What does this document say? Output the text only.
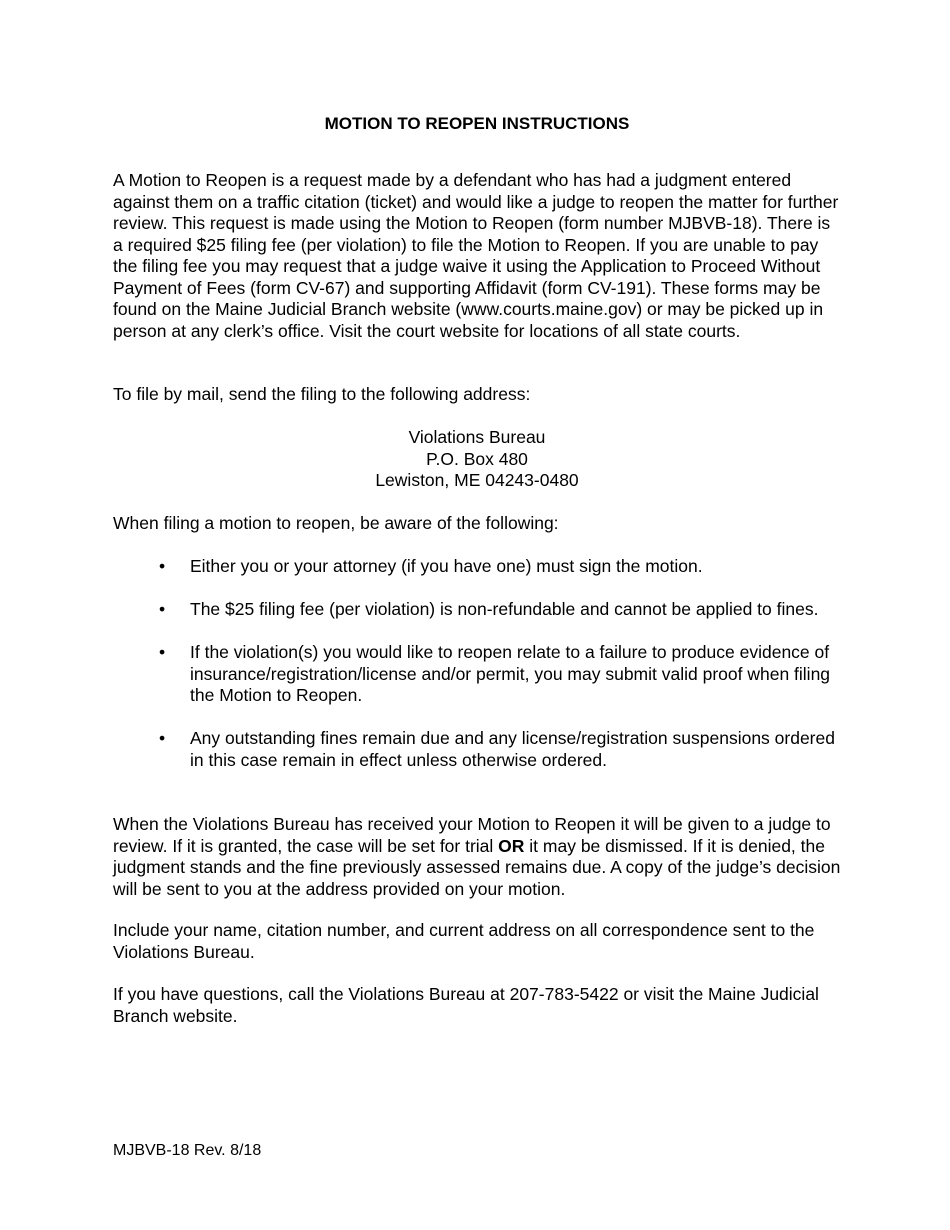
MOTION TO REOPEN INSTRUCTIONS

A Motion to Reopen is a request made by a defendant who has had a judgment entered against them on a traffic citation (ticket) and would like a judge to reopen the matter for further review. This request is made using the Motion to Reopen (form number MJBVB-18). There is a required $25 filing fee (per violation) to file the Motion to Reopen. If you are unable to pay the filing fee you may request that a judge waive it using the Application to Proceed Without Payment of Fees (form CV-67) and supporting Affidavit (form CV-191). These forms may be found on the Maine Judicial Branch website (www.courts.maine.gov) or may be picked up in person at any clerk’s office. Visit the court website for locations of all state courts.

To file by mail, send the filing to the following address:

Violations Bureau
P.O. Box 480
Lewiston, ME 04243-0480

When filing a motion to reopen, be aware of the following:

• Either you or your attorney (if you have one) must sign the motion.
• The $25 filing fee (per violation) is non-refundable and cannot be applied to fines.
• If the violation(s) you would like to reopen relate to a failure to produce evidence of insurance/registration/license and/or permit, you may submit valid proof when filing the Motion to Reopen.
• Any outstanding fines remain due and any license/registration suspensions ordered in this case remain in effect unless otherwise ordered.

When the Violations Bureau has received your Motion to Reopen it will be given to a judge to review. If it is granted, the case will be set for trial OR it may be dismissed. If it is denied, the judgment stands and the fine previously assessed remains due. A copy of the judge’s decision will be sent to you at the address provided on your motion.

Include your name, citation number, and current address on all correspondence sent to the Violations Bureau.

If you have questions, call the Violations Bureau at 207-783-5422 or visit the Maine Judicial Branch website.

MJBVB-18 Rev. 8/18
